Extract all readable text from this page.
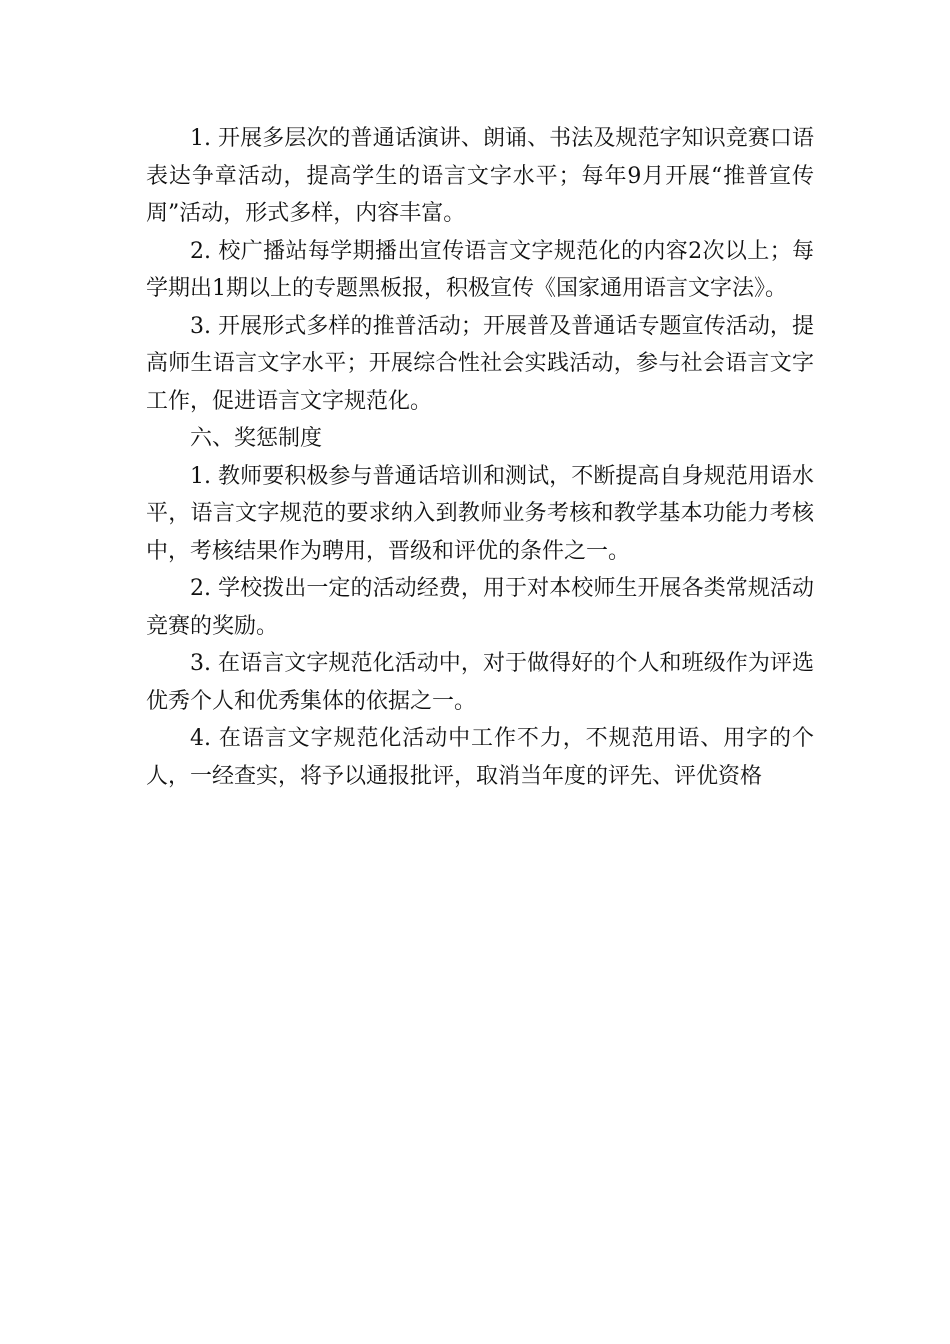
1. 开展多层次的普通话演讲、朗诵、书法及规范字知识竞赛口语表达争章活动，提高学生的语言文字水平；每年9月开展“推普宣传周”活动，形式多样，内容丰富。

2. 校广播站每学期播出宣传语言文字规范化的内容2次以上；每学期出1期以上的专题黑板报，积极宣传《国家通用语言文字法》。

3. 开展形式多样的推普活动；开展普及普通话专题宣传活动，提高师生语言文字水平；开展综合性社会实践活动，参与社会语言文字工作，促进语言文字规范化。

六、奖惩制度

1. 教师要积极参与普通话培训和测试，不断提高自身规范用语水平，语言文字规范的要求纳入到教师业务考核和教学基本功能力考核中，考核结果作为聘用，晋级和评优的条件之一。

2. 学校拨出一定的活动经费，用于对本校师生开展各类常规活动竞赛的奖励。

3. 在语言文字规范化活动中，对于做得好的个人和班级作为评选优秀个人和优秀集体的依据之一。

4. 在语言文字规范化活动中工作不力，不规范用语、用字的个人，一经查实，将予以通报批评，取消当年度的评先、评优资格
